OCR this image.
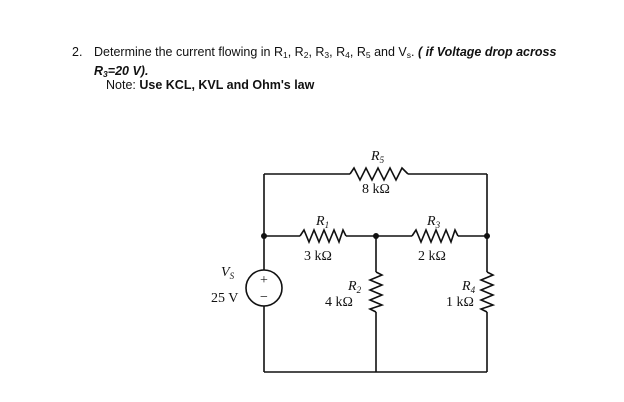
2. Determine the current flowing in $R_1$, $R_2$, $R_3$, $R_4$, $R_5$ and $V_s$. ( if Voltage drop across
$R_3=20$ V).
Note: Use KCL, KVL and Ohm's law
+
−
$R_5$
8 kΩ
$R_1$
3 kΩ
$R_3$
2 kΩ
$R_2$
4 kΩ
$R_4$
1 kΩ
$V_S$
25 V
